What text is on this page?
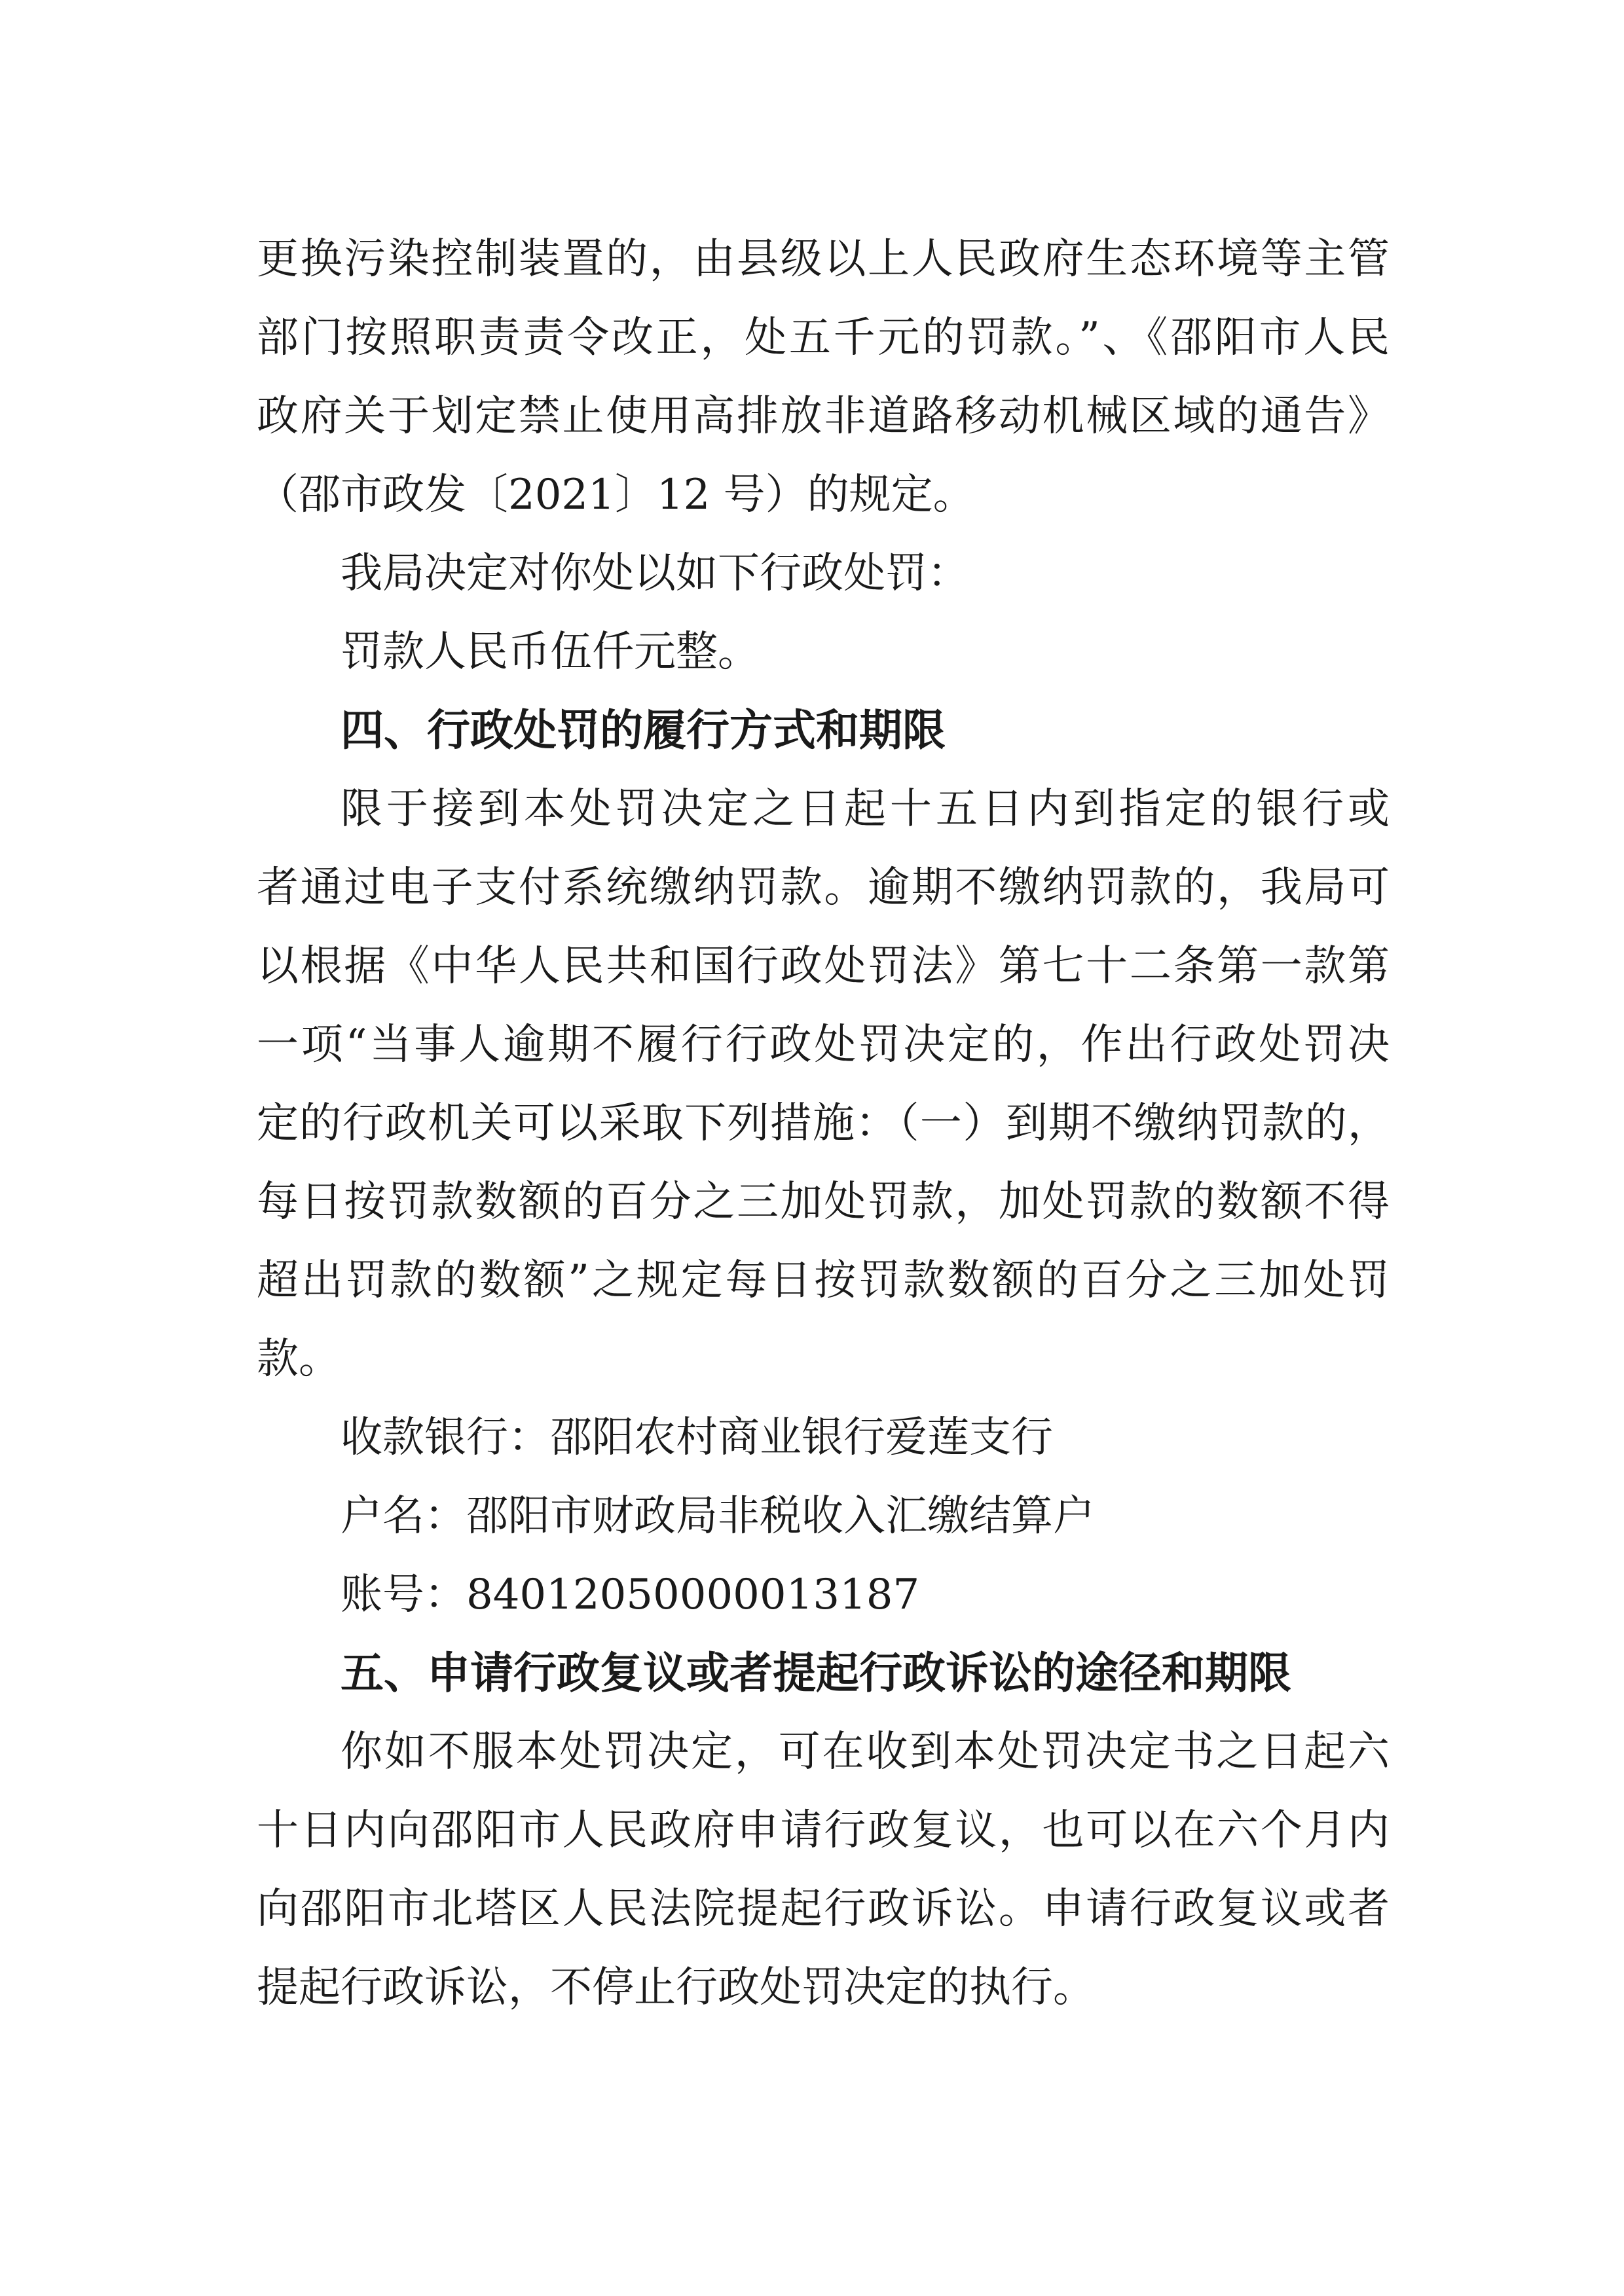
更换污染控制装置的，由县级以上人民政府生态环境等主管
部门按照职责责令改正，处五千元的罚款。”、《邵阳市人民
政府关于划定禁止使用高排放非道路移动机械区域的通告》
（邵市政发〔2021〕12 号）的规定。
我局决定对你处以如下行政处罚：
罚款人民币伍仟元整。
四、行政处罚的履行方式和期限
限于接到本处罚决定之日起十五日内到指定的银行或
者通过电子支付系统缴纳罚款。逾期不缴纳罚款的，我局可
以根据《中华人民共和国行政处罚法》第七十二条第一款第
一项“当事人逾期不履行行政处罚决定的，作出行政处罚决
定的行政机关可以采取下列措施：（一）到期不缴纳罚款的，
每日按罚款数额的百分之三加处罚款，加处罚款的数额不得
超出罚款的数额”之规定每日按罚款数额的百分之三加处罚
款。
收款银行：邵阳农村商业银行爱莲支行
户名：邵阳市财政局非税收入汇缴结算户
账号：84012050000013187
五、申请行政复议或者提起行政诉讼的途径和期限
你如不服本处罚决定，可在收到本处罚决定书之日起六
十日内向邵阳市人民政府申请行政复议，也可以在六个月内
向邵阳市北塔区人民法院提起行政诉讼。申请行政复议或者
提起行政诉讼，不停止行政处罚决定的执行。
